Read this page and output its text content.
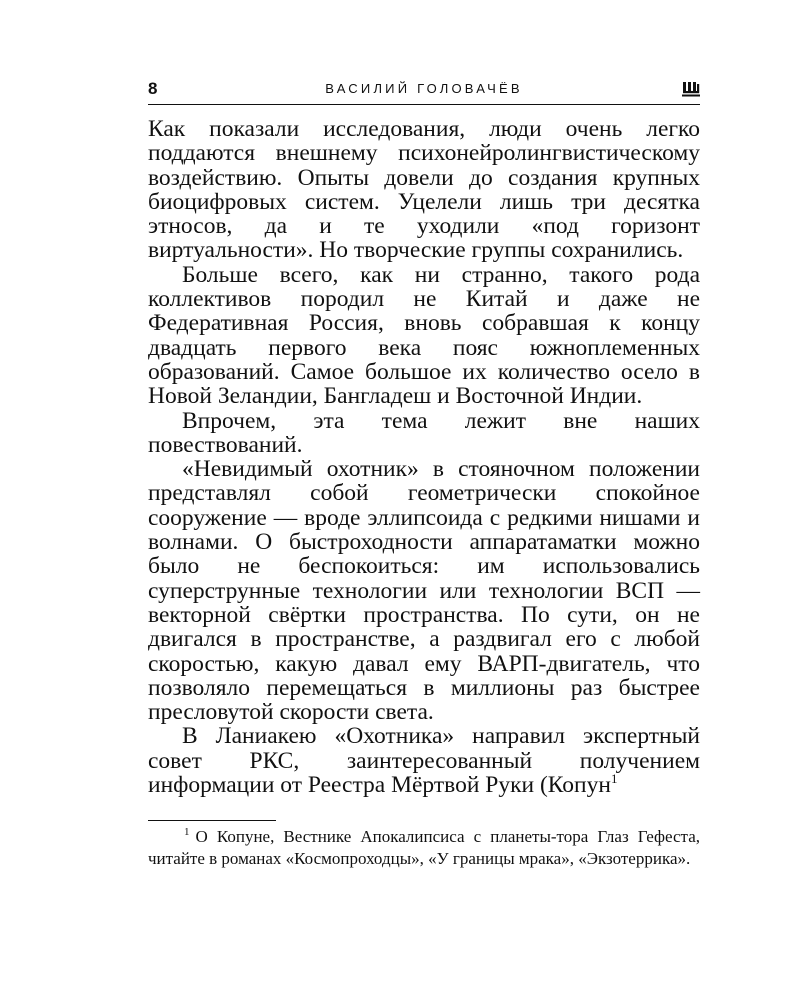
8	ВАСИЛИЙ ГОЛОВАЧЁВ

Как показали исследования, люди очень легко поддаются внешнему психонейролингвистическому воздействию. Опыты довели до создания крупных биоцифровых систем. Уцелели лишь три десятка этносов, да и те уходили «под горизонт виртуальности». Но творческие группы сохранились.

Больше всего, как ни странно, такого рода коллективов породил не Китай и даже не Федеративная Россия, вновь собравшая к концу двадцать первого века пояс южноплеменных образований. Самое большое их количество осело в Новой Зеландии, Бангладеш и Восточной Индии.

Впрочем, эта тема лежит вне наших повествований.

«Невидимый охотник» в стояночном положении представлял собой геометрически спокойное сооружение — вроде эллипсоида с редкими нишами и волнами. О быстроходности аппаратаматки можно было не беспокоиться: им использовались суперструнные технологии или технологии ВСП — векторной свёртки пространства. По сути, он не двигался в пространстве, а раздвигал его с любой скоростью, какую давал ему ВАРП-двигатель, что позволяло перемещаться в миллионы раз быстрее пресловутой скорости света.

В Ланиакею «Охотника» направил экспертный совет РКС, заинтересованный получением информации от Реестра Мёртвой Руки (Копун$^1$

$^1$ О Копуне, Вестнике Апокалипсиса с планеты-тора Глаз Гефеста, читайте в романах «Космопроходцы», «У границы мрака», «Экзотеррика».
